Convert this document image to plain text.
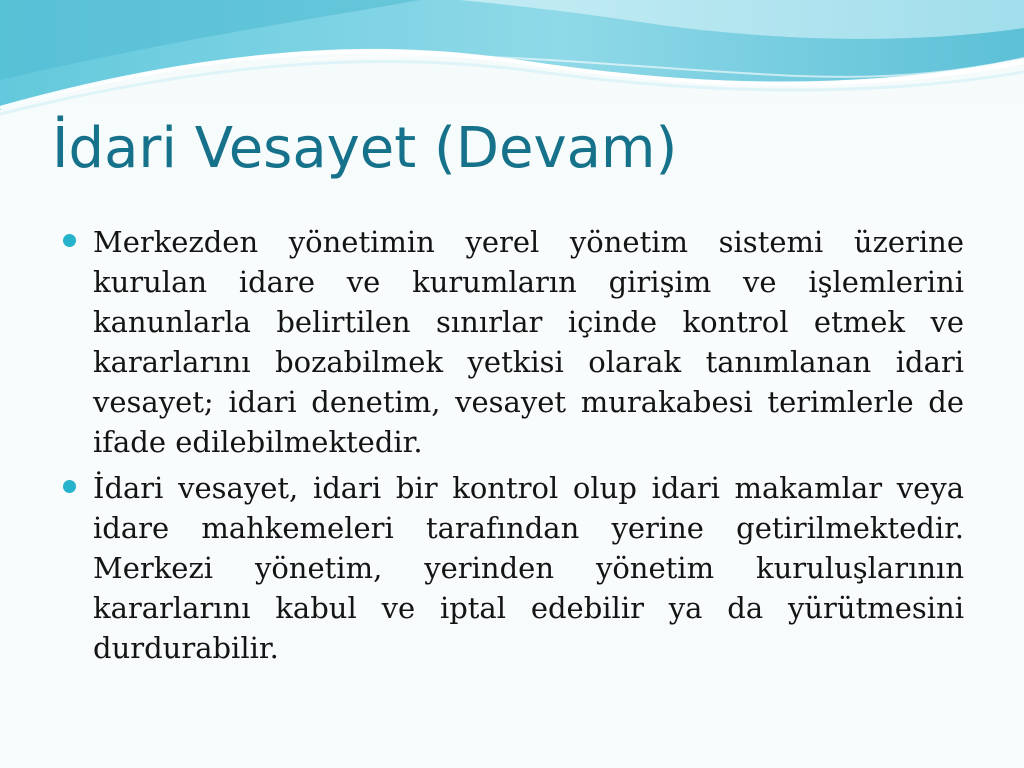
İdari Vesayet (Devam)

Merkezden yönetimin yerel yönetim sistemi üzerine kurulan idare ve kurumların girişim ve işlemlerini kanunlarla belirtilen sınırlar içinde kontrol etmek ve kararlarını bozabilmek yetkisi olarak tanımlanan idari vesayet; idari denetim, vesayet murakabesi terimlerle de ifade edilebilmektedir.

İdari vesayet, idari bir kontrol olup idari makamlar veya idare mahkemeleri tarafından yerine getirilmektedir. Merkezi yönetim, yerinden yönetim kuruluşlarının kararlarını kabul ve iptal edebilir ya da yürütmesini durdurabilir.
